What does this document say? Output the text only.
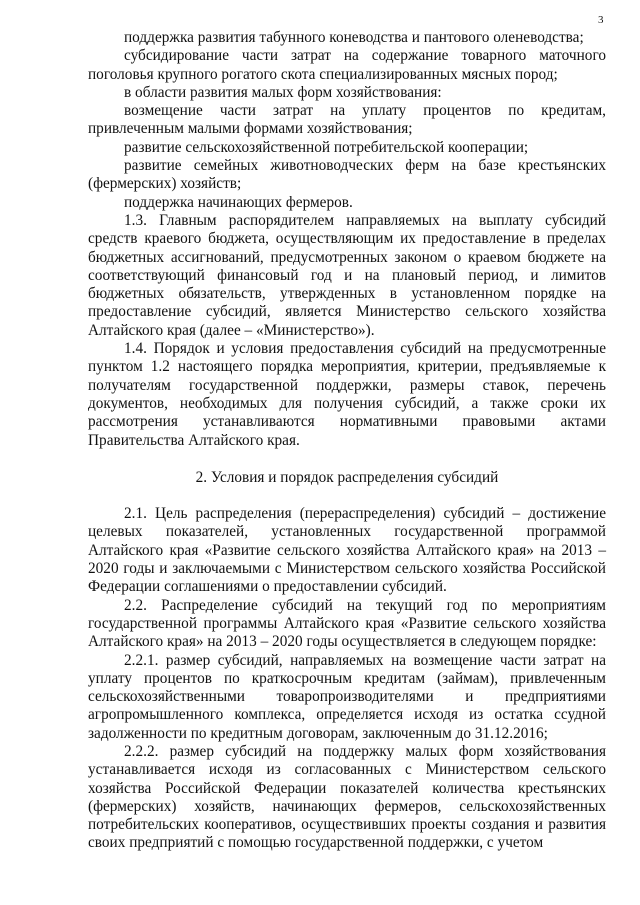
3

поддержка развития табунного коневодства и пантового оленеводства;

субсидирование части затрат на содержание товарного маточного поголовья крупного рогатого скота специализированных мясных пород;

в области развития малых форм хозяйствования:

возмещение части затрат на уплату процентов по кредитам, привлеченным малыми формами хозяйствования;

развитие сельскохозяйственной потребительской кооперации;

развитие семейных животноводческих ферм на базе крестьянских (фермерских) хозяйств;

поддержка начинающих фермеров.

1.3. Главным распорядителем направляемых на выплату субсидий средств краевого бюджета, осуществляющим их предоставление в пределах бюджетных ассигнований, предусмотренных законом о краевом бюджете на соответствующий финансовый год и на плановый период, и лимитов бюджетных обязательств, утвержденных в установленном порядке на предоставление субсидий, является Министерство сельского хозяйства Алтайского края (далее – «Министерство»).

1.4. Порядок и условия предоставления субсидий на предусмотренные пунктом 1.2 настоящего порядка мероприятия, критерии, предъявляемые к получателям государственной поддержки, размеры ставок, перечень документов, необходимых для получения субсидий, а также сроки их рассмотрения устанавливаются нормативными правовыми актами Правительства Алтайского края.

2. Условия и порядок распределения субсидий

2.1. Цель распределения (перераспределения) субсидий – достижение целевых показателей, установленных государственной программой Алтайского края «Развитие сельского хозяйства Алтайского края» на 2013 – 2020 годы и заключаемыми с Министерством сельского хозяйства Российской Федерации соглашениями о предоставлении субсидий.

2.2. Распределение субсидий на текущий год по мероприятиям государственной программы Алтайского края «Развитие сельского хозяйства Алтайского края» на 2013 – 2020 годы осуществляется в следующем порядке:

2.2.1. размер субсидий, направляемых на возмещение части затрат на уплату процентов по краткосрочным кредитам (займам), привлеченным сельскохозяйственными товаропроизводителями и предприятиями агропромышленного комплекса, определяется исходя из остатка ссудной задолженности по кредитным договорам, заключенным до 31.12.2016;

2.2.2. размер субсидий на поддержку малых форм хозяйствования устанавливается исходя из согласованных с Министерством сельского хозяйства Российской Федерации показателей количества крестьянских (фермерских) хозяйств, начинающих фермеров, сельскохозяйственных потребительских кооперативов, осуществивших проекты создания и развития своих предприятий с помощью государственной поддержки, с учетом
